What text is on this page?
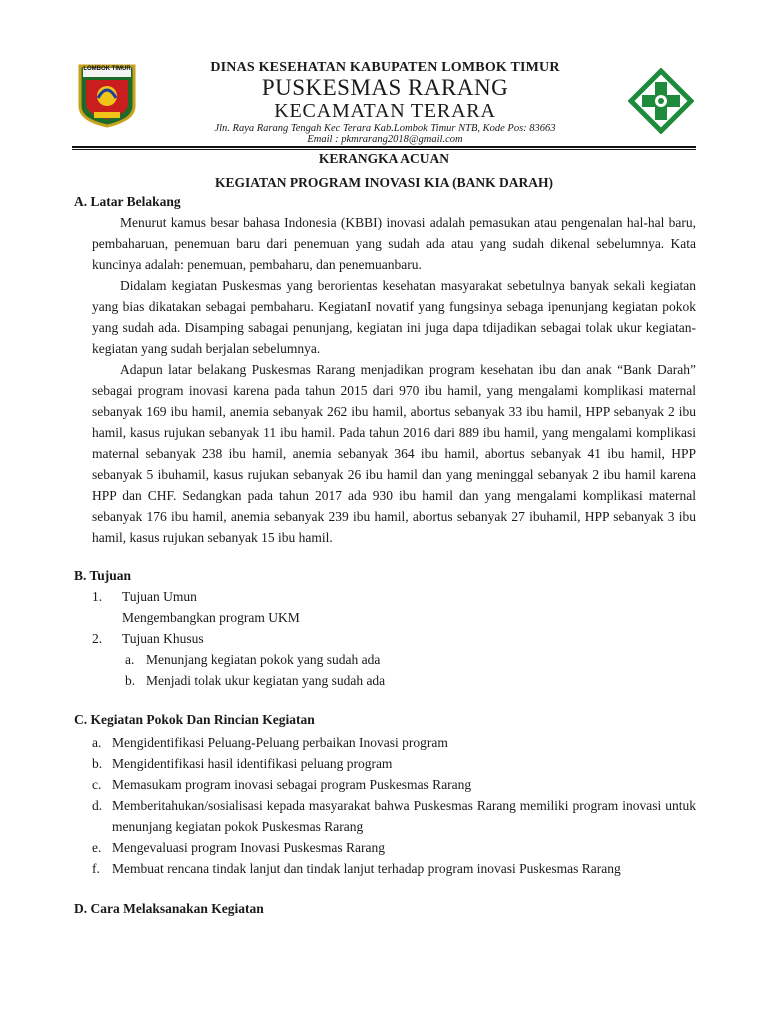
LOMBOK TIMUR	DINAS KESEHATAN KABUPATEN LOMBOK TIMUR
PUSKESMAS RARANG
KECAMATAN TERARA
Jln. Raya Rarang Tengah Kec Terara Kab.Lombok Timur NTB, Kode Pos: 83663
Email : pkmrarang2018@gmail.com
KERANGKA ACUAN
KEGIATAN PROGRAM INOVASI KIA (BANK DARAH)
A. Latar Belakang

Menurut kamus besar bahasa Indonesia (KBBI) inovasi adalah pemasukan atau pengenalan hal-hal baru, pembaharuan, penemuan baru dari penemuan yang sudah ada atau yang sudah dikenal sebelumnya. Kata kuncinya adalah: penemuan, pembaharu, dan penemuanbaru.

Didalam kegiatan Puskesmas yang berorientas kesehatan masyarakat sebetulnya banyak sekali kegiatan yang bias dikatakan sebagai pembaharu. KegiatanI novatif yang fungsinya sebaga ipenunjang kegiatan pokok yang sudah ada. Disamping sabagai penunjang, kegiatan ini juga dapa tdijadikan sebagai tolak ukur kegiatan-kegiatan yang sudah berjalan sebelumnya.

Adapun latar belakang Puskesmas Rarang menjadikan program kesehatan ibu dan anak “Bank Darah” sebagai program inovasi karena pada tahun 2015 dari 970 ibu hamil, yang mengalami komplikasi maternal sebanyak 169 ibu hamil, anemia sebanyak 262 ibu hamil, abortus sebanyak 33 ibu hamil, HPP sebanyak 2 ibu hamil, kasus rujukan sebanyak 11 ibu hamil. Pada tahun 2016 dari 889 ibu hamil, yang mengalami komplikasi maternal sebanyak 238 ibu hamil, anemia sebanyak 364 ibu hamil, abortus sebanyak 41 ibu hamil, HPP sebanyak 5 ibuhamil, kasus rujukan sebanyak 26 ibu hamil dan yang meninggal sebanyak 2 ibu hamil karena HPP dan CHF. Sedangkan pada tahun 2017 ada 930 ibu hamil dan yang mengalami komplikasi maternal sebanyak 176 ibu hamil, anemia sebanyak 239 ibu hamil, abortus sebanyak 27 ibuhamil, HPP sebanyak 3 ibu hamil, kasus rujukan sebanyak 15 ibu hamil.

B. Tujuan
1. Tujuan Umun
Mengembangkan program UKM
2. Tujuan Khusus
a. Menunjang kegiatan pokok yang sudah ada
b. Menjadi tolak ukur kegiatan yang sudah ada
C. Kegiatan Pokok Dan Rincian Kegiatan
a. Mengidentifikasi Peluang-Peluang perbaikan Inovasi program

b. Mengidentifikasi hasil identifikasi peluang program

c. Memasukam program inovasi sebagai program Puskesmas Rarang

d. Memberitahukan/sosialisasi kepada masyarakat bahwa Puskesmas Rarang memiliki program inovasi untuk menunjang kegiatan pokok Puskesmas Rarang

e. Mengevaluasi program Inovasi Puskesmas Rarang

f. Membuat rencana tindak lanjut dan tindak lanjut terhadap program inovasi Puskesmas Rarang

D. Cara Melaksanakan Kegiatan
